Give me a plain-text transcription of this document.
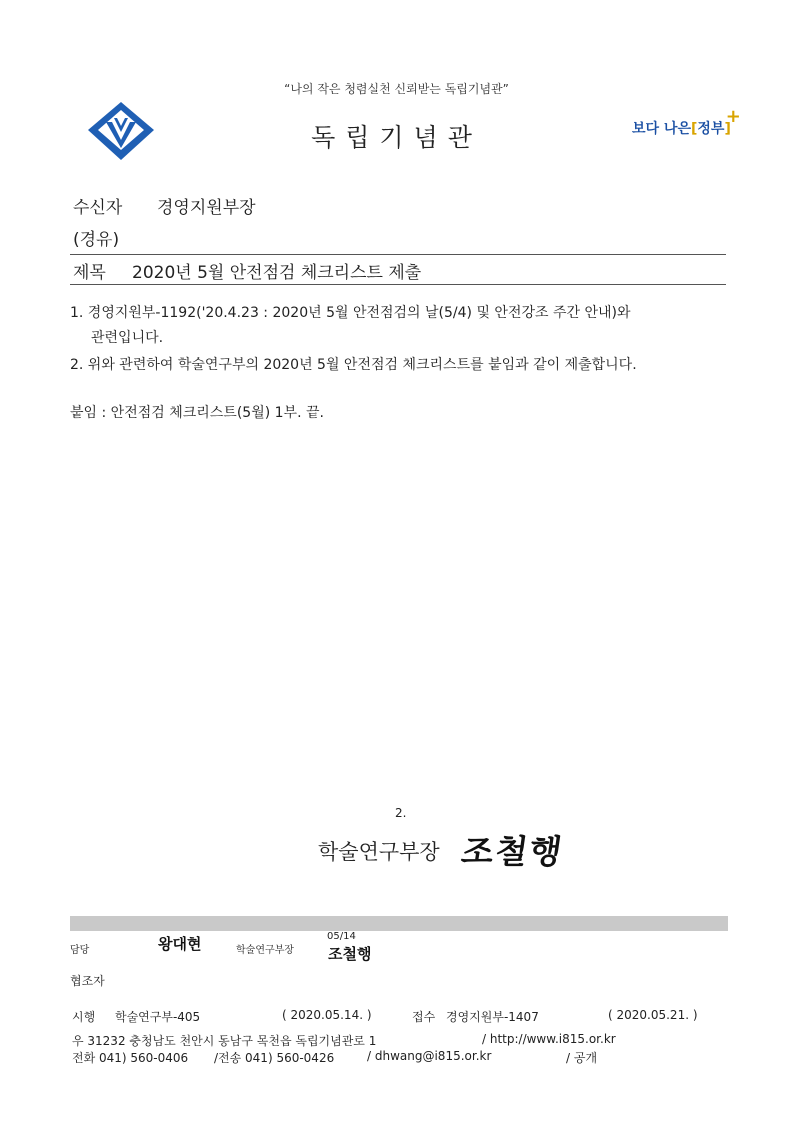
“나의 작은 청렴실천 신뢰받는 독립기념관”
독립기념관	보다 나은[정부]
+
수신자 경영지원부장
(경유)
제목 2020년 5월 안전점검 체크리스트 제출
1. 경영지원부-1192('20.4.23 : 2020년 5월 안전점검의 날(5/4) 및 안전강조 주간 안내)와
관련입니다.
2. 위와 관련하여 학술연구부의 2020년 5월 안전점검 체크리스트를 붙임과 같이 제출합니다.
붙임 : 안전점검 체크리스트(5월) 1부. 끝.
2.
학술연구부장 조철행
담당	왕대현	학술연구부장
05/14
조철행
협조자
시행 학술연구부-405	( 2020.05.14. )	접수 경영지원부-1407	( 2020.05.21. )
우 31232 충청남도 천안시 동남구 목천읍 독립기념관로 1	/ http://www.i815.or.kr
전화 041) 560-0406 /전송 041) 560-0426	/ dhwang@i815.or.kr	/ 공개
